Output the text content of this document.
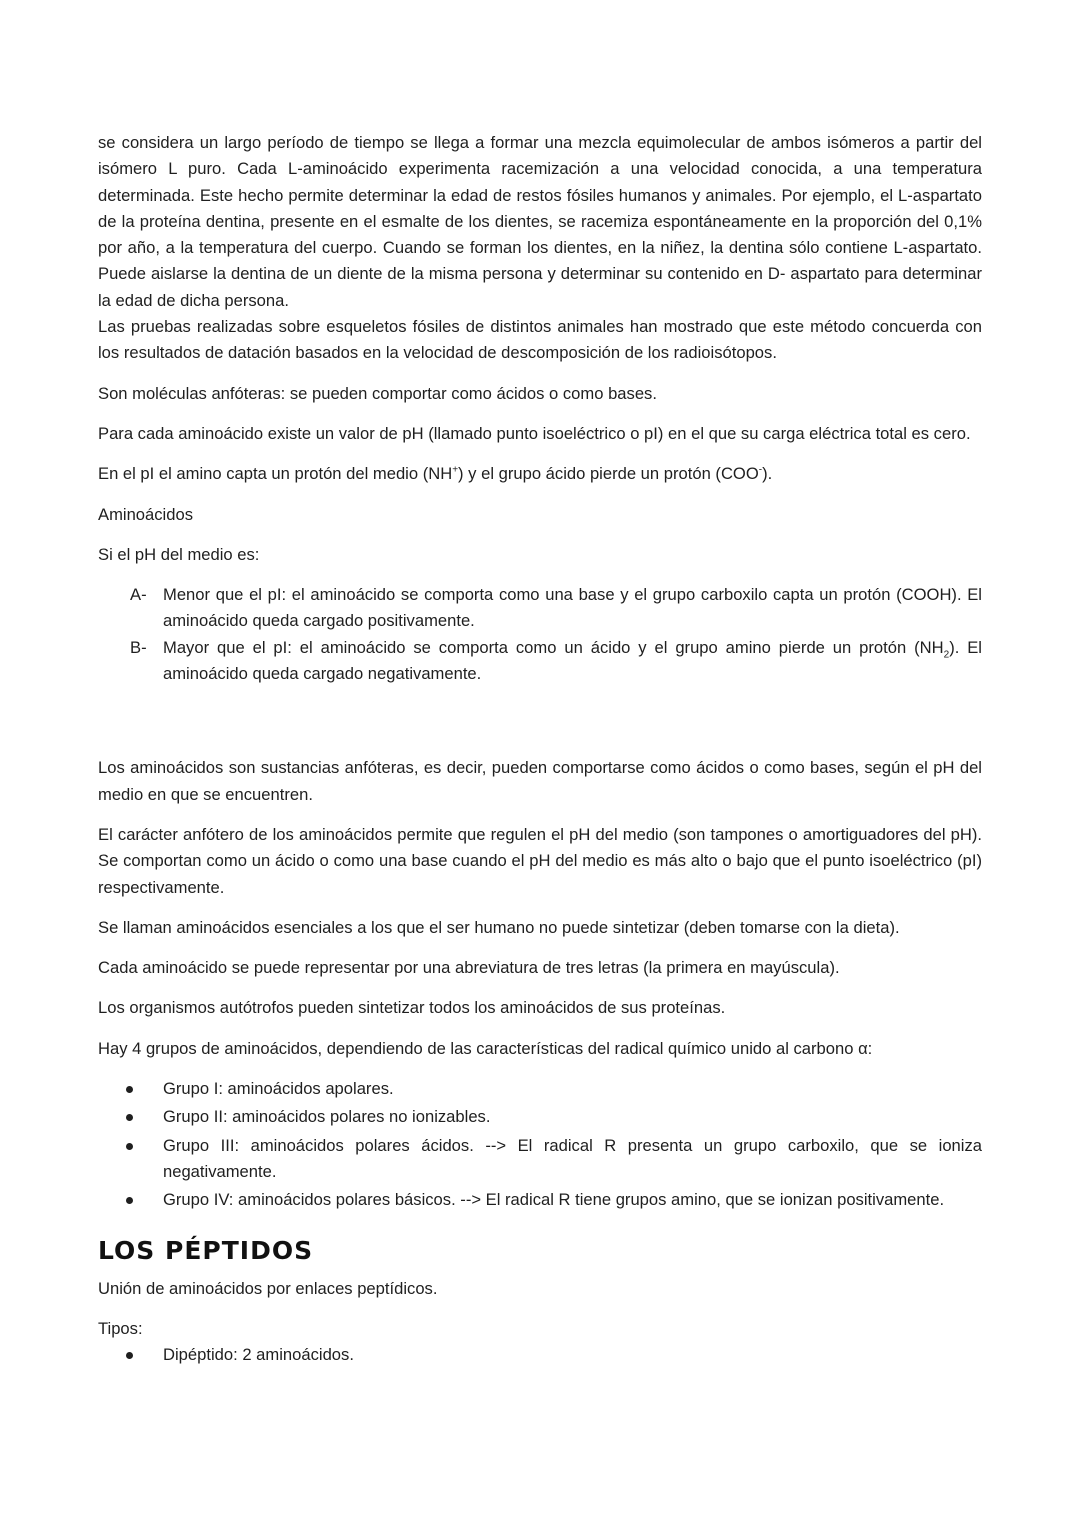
se considera un largo período de tiempo se llega a formar una mezcla equimolecular de ambos isómeros a partir del isómero L puro. Cada L-aminoácido experimenta racemización a una velocidad conocida, a una temperatura determinada. Este hecho permite determinar la edad de restos fósiles humanos y animales. Por ejemplo, el L-aspartato de la proteína dentina, presente en el esmalte de los dientes, se racemiza espontáneamente en la proporción del 0,1% por año, a la temperatura del cuerpo. Cuando se forman los dientes, en la niñez, la dentina sólo contiene L-aspartato. Puede aislarse la dentina de un diente de la misma persona y determinar su contenido en D- aspartato para determinar la edad de dicha persona.

Las pruebas realizadas sobre esqueletos fósiles de distintos animales han mostrado que este método concuerda con los resultados de datación basados en la velocidad de descomposición de los radioisótopos.

Son moléculas anfóteras: se pueden comportar como ácidos o como bases.

Para cada aminoácido existe un valor de pH (llamado punto isoeléctrico o pI) en el que su carga eléctrica total es cero.

En el pI el amino capta un protón del medio (NH+) y el grupo ácido pierde un protón (COO-).

Aminoácidos

Si el pH del medio es:

A- Menor que el pI: el aminoácido se comporta como una base y el grupo carboxilo capta un protón (COOH). El aminoácido queda cargado positivamente.
B- Mayor que el pI: el aminoácido se comporta como un ácido y el grupo amino pierde un protón $(NH_2)$. El aminoácido queda cargado negativamente.

Los aminoácidos son sustancias anfóteras, es decir, pueden comportarse como ácidos o como bases, según el pH del medio en que se encuentren.

El carácter anfótero de los aminoácidos permite que regulen el pH del medio (son tampones o amortiguadores del pH). Se comportan como un ácido o como una base cuando el pH del medio es más alto o bajo que el punto isoeléctrico (pI) respectivamente.

Se llaman aminoácidos esenciales a los que el ser humano no puede sintetizar (deben tomarse con la dieta).

Cada aminoácido se puede representar por una abreviatura de tres letras (la primera en mayúscula).

Los organismos autótrofos pueden sintetizar todos los aminoácidos de sus proteínas.

Hay 4 grupos de aminoácidos, dependiendo de las características del radical químico unido al carbono α:

Grupo I: aminoácidos apolares.
Grupo II: aminoácidos polares no ionizables.
Grupo III: aminoácidos polares ácidos. --> El radical R presenta un grupo carboxilo, que se ioniza negativamente.
Grupo IV: aminoácidos polares básicos. --> El radical R tiene grupos amino, que se ionizan positivamente.
LOS PÉPTIDOS

Unión de aminoácidos por enlaces peptídicos.

Tipos:

Dipéptido: 2 aminoácidos.
